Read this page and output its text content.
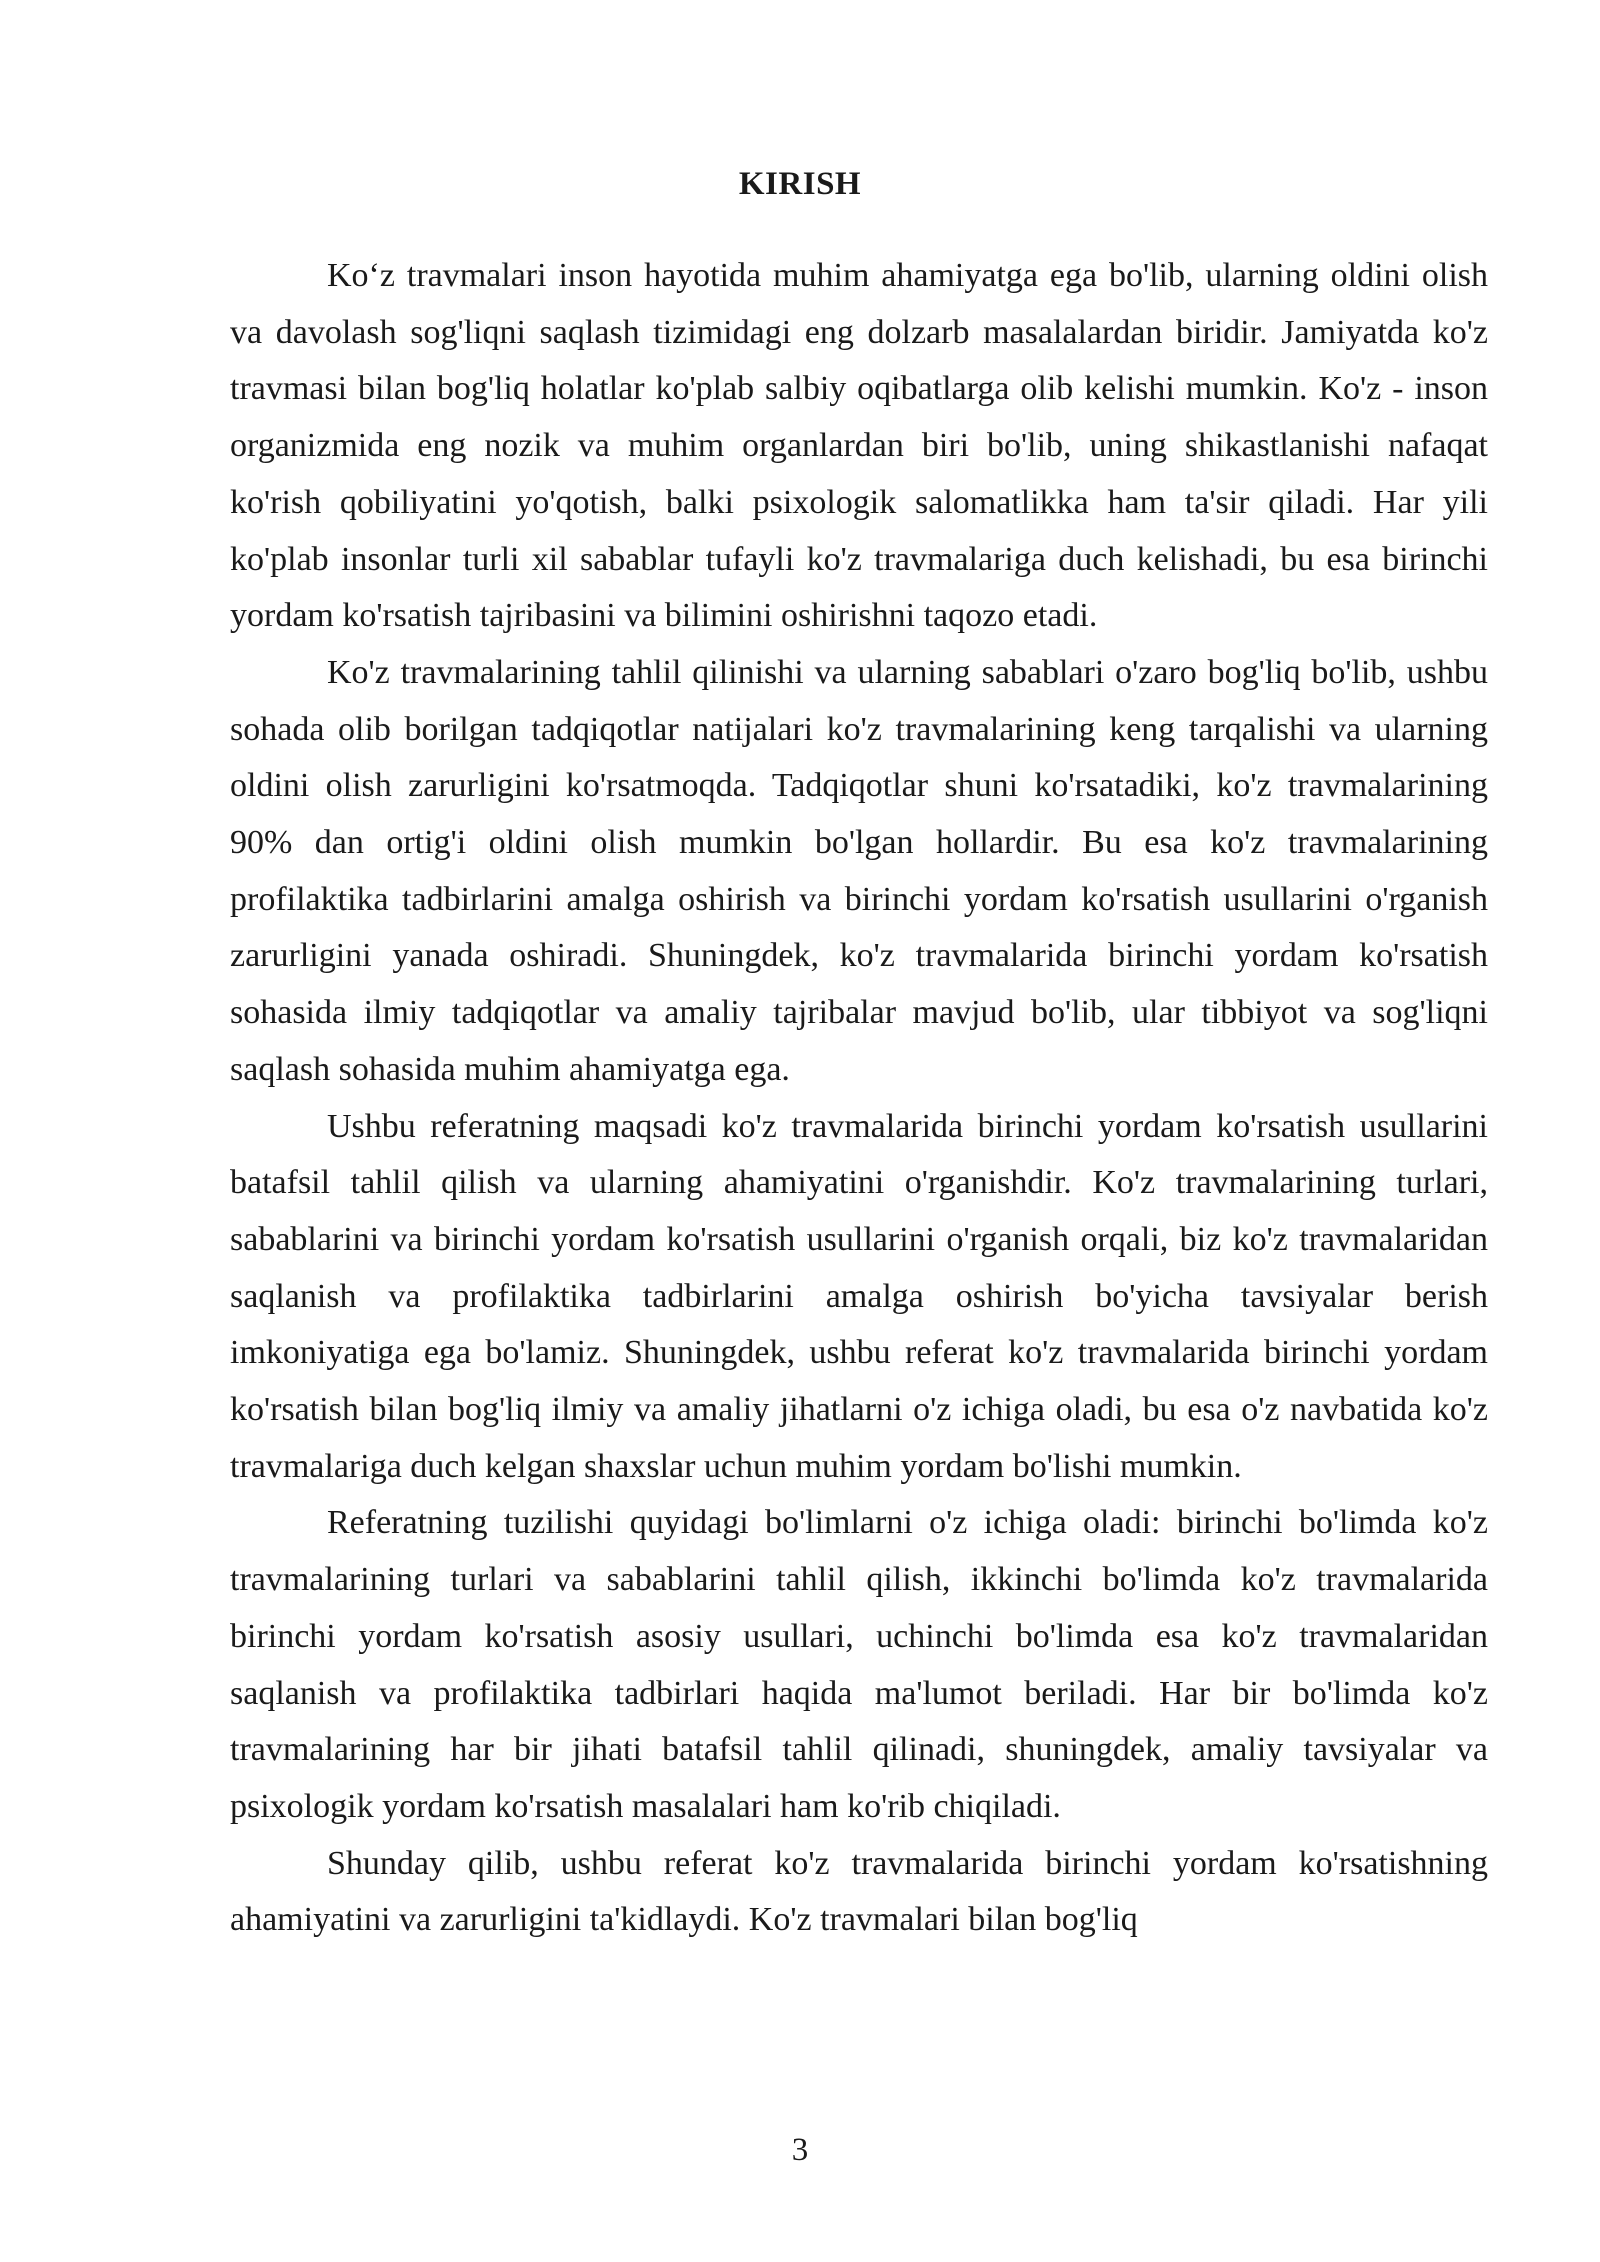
KIRISH

Ko‘z travmalari inson hayotida muhim ahamiyatga ega bo'lib, ularning oldini olish va davolash sog'liqni saqlash tizimidagi eng dolzarb masalalardan biridir. Jamiyatda ko'z travmasi bilan bog'liq holatlar ko'plab salbiy oqibatlarga olib kelishi mumkin. Ko'z - inson organizmida eng nozik va muhim organlardan biri bo'lib, uning shikastlanishi nafaqat ko'rish qobiliyatini yo'qotish, balki psixologik salomatlikka ham ta'sir qiladi. Har yili ko'plab insonlar turli xil sabablar tufayli ko'z travmalariga duch kelishadi, bu esa birinchi yordam ko'rsatish tajribasini va bilimini oshirishni taqozo etadi.

Ko'z travmalarining tahlil qilinishi va ularning sabablari o'zaro bog'liq bo'lib, ushbu sohada olib borilgan tadqiqotlar natijalari ko'z travmalarining keng tarqalishi va ularning oldini olish zarurligini ko'rsatmoqda. Tadqiqotlar shuni ko'rsatadiki, ko'z travmalarining 90% dan ortig'i oldini olish mumkin bo'lgan hollardir. Bu esa ko'z travmalarining profilaktika tadbirlarini amalga oshirish va birinchi yordam ko'rsatish usullarini o'rganish zarurligini yanada oshiradi. Shuningdek, ko'z travmalarida birinchi yordam ko'rsatish sohasida ilmiy tadqiqotlar va amaliy tajribalar mavjud bo'lib, ular tibbiyot va sog'liqni saqlash sohasida muhim ahamiyatga ega.

Ushbu referatning maqsadi ko'z travmalarida birinchi yordam ko'rsatish usullarini batafsil tahlil qilish va ularning ahamiyatini o'rganishdir. Ko'z travmalarining turlari, sabablarini va birinchi yordam ko'rsatish usullarini o'rganish orqali, biz ko'z travmalaridan saqlanish va profilaktika tadbirlarini amalga oshirish bo'yicha tavsiyalar berish imkoniyatiga ega bo'lamiz. Shuningdek, ushbu referat ko'z travmalarida birinchi yordam ko'rsatish bilan bog'liq ilmiy va amaliy jihatlarni o'z ichiga oladi, bu esa o'z navbatida ko'z travmalariga duch kelgan shaxslar uchun muhim yordam bo'lishi mumkin.

Referatning tuzilishi quyidagi bo'limlarni o'z ichiga oladi: birinchi bo'limda ko'z travmalarining turlari va sabablarini tahlil qilish, ikkinchi bo'limda ko'z travmalarida birinchi yordam ko'rsatish asosiy usullari, uchinchi bo'limda esa ko'z travmalaridan saqlanish va profilaktika tadbirlari haqida ma'lumot beriladi. Har bir bo'limda ko'z travmalarining har bir jihati batafsil tahlil qilinadi, shuningdek, amaliy tavsiyalar va psixologik yordam ko'rsatish masalalari ham ko'rib chiqiladi.

Shunday qilib, ushbu referat ko'z travmalarida birinchi yordam ko'rsatishning ahamiyatini va zarurligini ta'kidlaydi. Ko'z travmalari bilan bog'liq

3
